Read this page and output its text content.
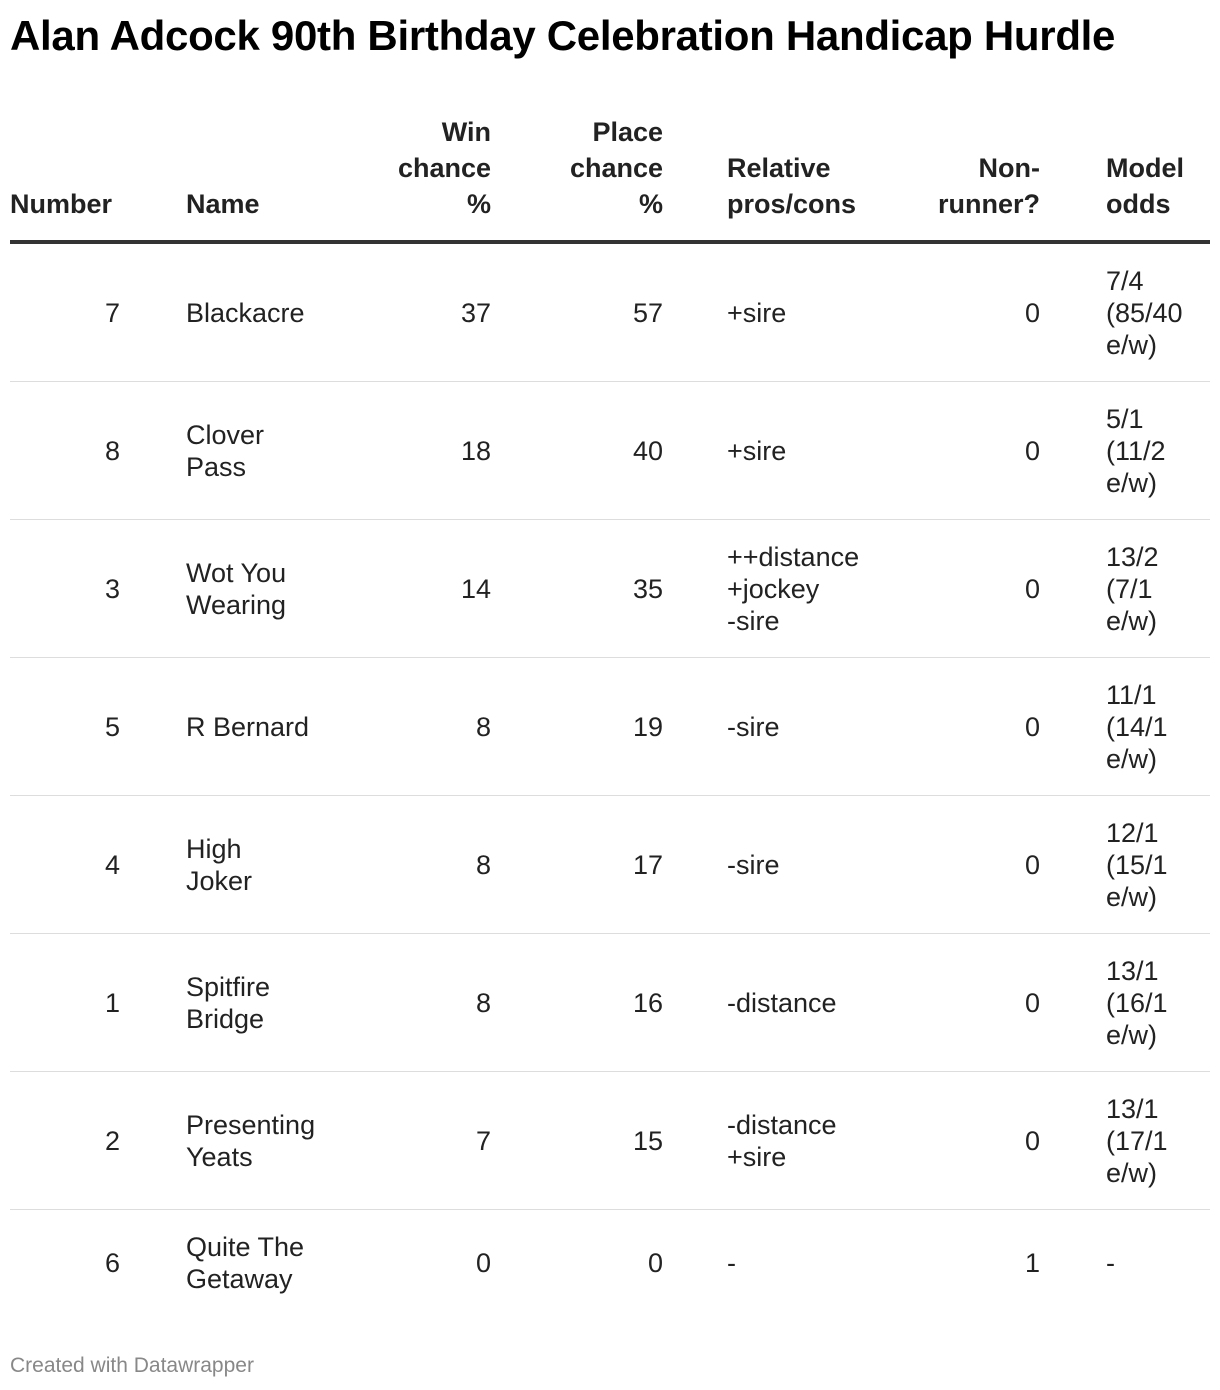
Alan Adcock 90th Birthday Celebration Handicap Hurdle
Number	Name	Win
chance
%	Place
chance
%	Relative
pros/cons	Non-
runner?	Model
odds
7	Blackacre	37	57	+sire	0	7/4
(85/40
e/w)
8	Clover
Pass	18	40	+sire	0	5/1
(11/2
e/w)
3	Wot You
Wearing	14	35	++distance
+jockey
-sire	0	13/2
(7/1
e/w)
5	R Bernard	8	19	-sire	0	11/1
(14/1
e/w)
4	High
Joker	8	17	-sire	0	12/1
(15/1
e/w)
1	Spitfire
Bridge	8	16	-distance	0	13/1
(16/1
e/w)
2	Presenting
Yeats	7	15	-distance
+sire	0	13/1
(17/1
e/w)
6	Quite The
Getaway	0	0	-	1	-
Created with Datawrapper
